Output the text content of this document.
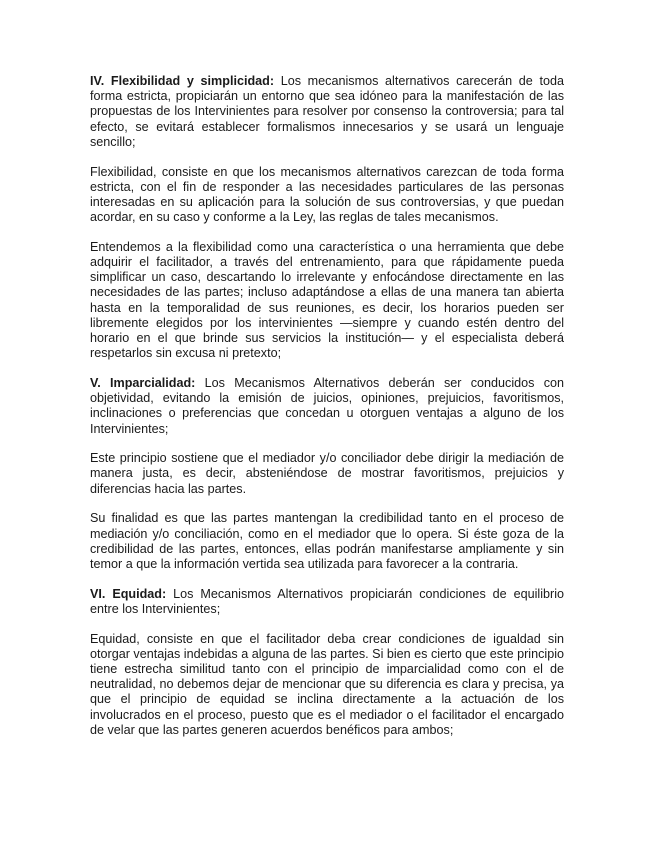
IV. Flexibilidad y simplicidad: Los mecanismos alternativos carecerán de toda forma estricta, propiciarán un entorno que sea idóneo para la manifestación de las propuestas de los Intervinientes para resolver por consenso la controversia; para tal efecto, se evitará establecer formalismos innecesarios y se usará un lenguaje sencillo;

Flexibilidad, consiste en que los mecanismos alternativos carezcan de toda forma estricta, con el fin de responder a las necesidades particulares de las personas interesadas en su aplicación para la solución de sus controversias, y que puedan acordar, en su caso y conforme a la Ley, las reglas de tales mecanismos.

Entendemos a la flexibilidad como una característica o una herramienta que debe adquirir el facilitador, a través del entrenamiento, para que rápidamente pueda simplificar un caso, descartando lo irrelevante y enfocándose directamente en las necesidades de las partes; incluso adaptándose a ellas de una manera tan abierta hasta en la temporalidad de sus reuniones, es decir, los horarios pueden ser libremente elegidos por los intervinientes —siempre y cuando estén dentro del horario en el que brinde sus servicios la institución— y el especialista deberá respetarlos sin excusa ni pretexto;

V. Imparcialidad: Los Mecanismos Alternativos deberán ser conducidos con objetividad, evitando la emisión de juicios, opiniones, prejuicios, favoritismos, inclinaciones o preferencias que concedan u otorguen ventajas a alguno de los Intervinientes;

Este principio sostiene que el mediador y/o conciliador debe dirigir la mediación de manera justa, es decir, absteniéndose de mostrar favoritismos, prejuicios y diferencias hacia las partes.

Su finalidad es que las partes mantengan la credibilidad tanto en el proceso de mediación y/o conciliación, como en el mediador que lo opera. Si éste goza de la credibilidad de las partes, entonces, ellas podrán manifestarse ampliamente y sin temor a que la información vertida sea utilizada para favorecer a la contraria.

VI. Equidad: Los Mecanismos Alternativos propiciarán condiciones de equilibrio entre los Intervinientes;

Equidad, consiste en que el facilitador deba crear condiciones de igualdad sin otorgar ventajas indebidas a alguna de las partes. Si bien es cierto que este principio tiene estrecha similitud tanto con el principio de imparcialidad como con el de neutralidad, no debemos dejar de mencionar que su diferencia es clara y precisa, ya que el principio de equidad se inclina directamente a la actuación de los involucrados en el proceso, puesto que es el mediador o el facilitador el encargado de velar que las partes generen acuerdos benéficos para ambos;
